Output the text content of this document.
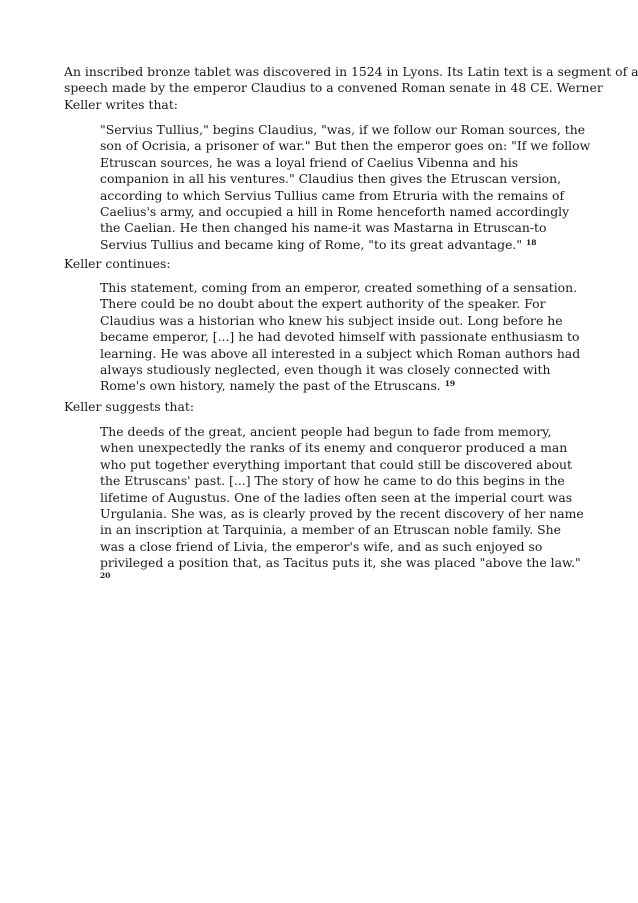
An inscribed bronze tablet was discovered in 1524 in Lyons. Its Latin text is a segment of a
speech made by the emperor Claudius to a convened Roman senate in 48 CE. Werner
Keller writes that:

"Servius Tullius," begins Claudius, "was, if we follow our Roman sources, the
son of Ocrisia, a prisoner of war." But then the emperor goes on: "If we follow
Etruscan sources, he was a loyal friend of Caelius Vibenna and his
companion in all his ventures." Claudius then gives the Etruscan version,
according to which Servius Tullius came from Etruria with the remains of
Caelius's army, and occupied a hill in Rome henceforth named accordingly
the Caelian. He then changed his name-it was Mastarna in Etruscan-to
Servius Tullius and became king of Rome, "to its great advantage." $^{18}$

Keller continues:

This statement, coming from an emperor, created something of a sensation.
There could be no doubt about the expert authority of the speaker. For
Claudius was a historian who knew his subject inside out. Long before he
became emperor, [...] he had devoted himself with passionate enthusiasm to
learning. He was above all interested in a subject which Roman authors had
always studiously neglected, even though it was closely connected with
Rome's own history, namely the past of the Etruscans. $^{19}$

Keller suggests that:

The deeds of the great, ancient people had begun to fade from memory,
when unexpectedly the ranks of its enemy and conqueror produced a man
who put together everything important that could still be discovered about
the Etruscans' past. [...] The story of how he came to do this begins in the
lifetime of Augustus. One of the ladies often seen at the imperial court was
Urgulania. She was, as is clearly proved by the recent discovery of her name
in an inscription at Tarquinia, a member of an Etruscan noble family. She
was a close friend of Livia, the emperor's wife, and as such enjoyed so
privileged a position that, as Tacitus puts it, she was placed "above the law."
20
